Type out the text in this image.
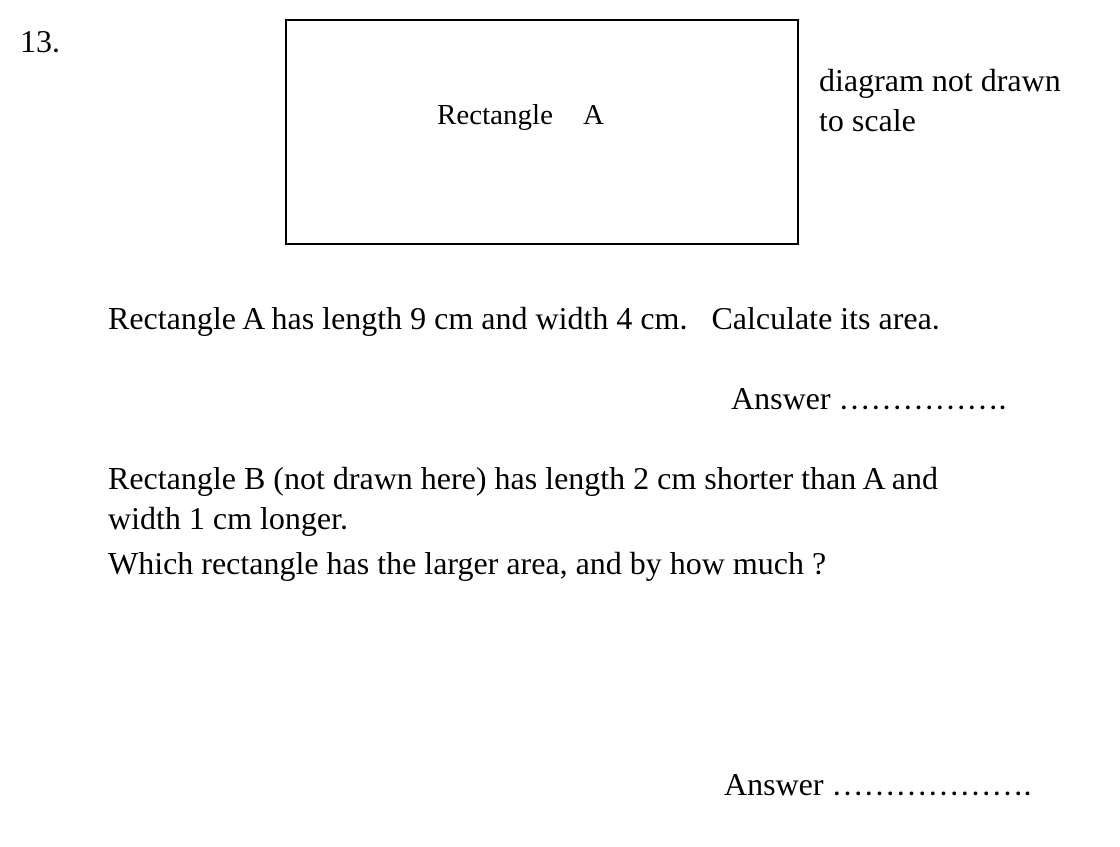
13.
Rectangle A
diagram not drawn
to scale
Rectangle A has length 9 cm and width 4 cm.   Calculate its area.
Answer …………….
Rectangle B (not drawn here) has length 2 cm shorter than A and
width 1 cm longer.
Which rectangle has the larger area, and by how much ?
Answer ……………….
